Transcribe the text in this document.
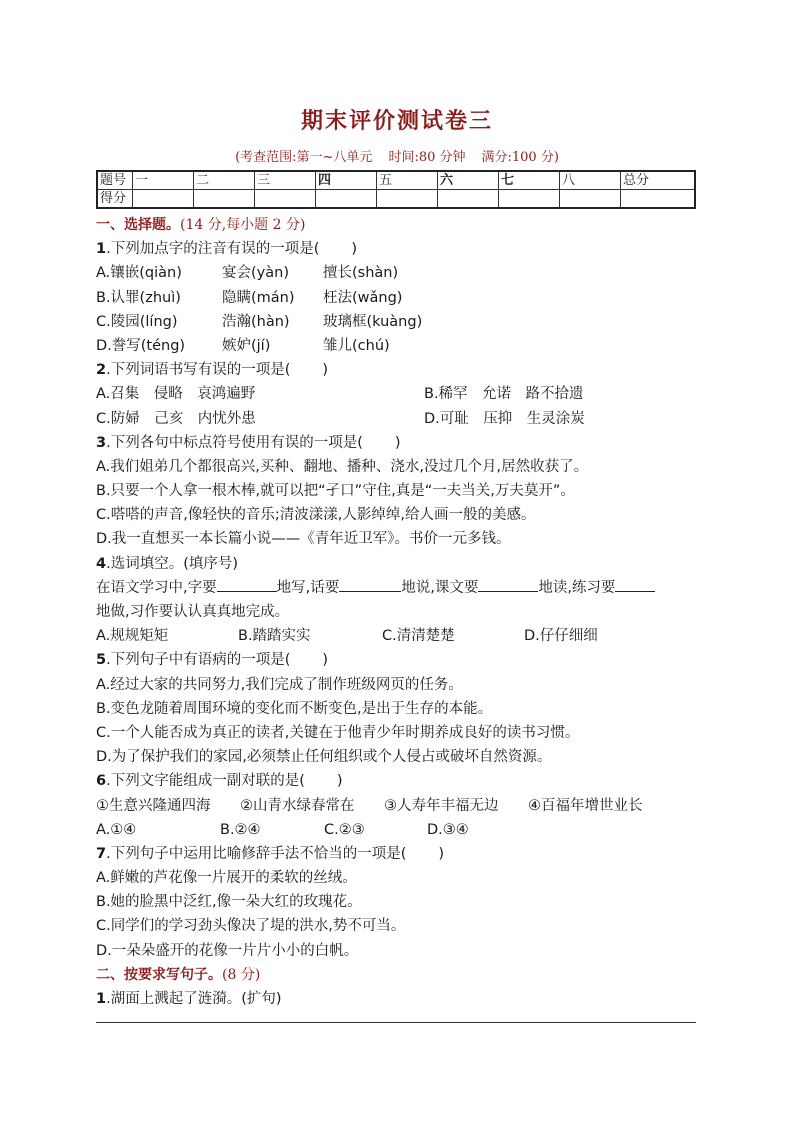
期末评价测试卷三
(考查范围:第一~八单元 时间:80 分钟 满分:100 分)
题号	一	二	三	四	五	六	七	八	总分
得分									
一、选择题。(14 分,每小题 2 分)
1.下列加点字的注音有误的一项是( )
A.镶嵌(qiàn)	宴会(yàn) 擅长(shàn)
B.认罪(zhuì)	隐瞒(mán) 枉法(wǎng)
C.陵园(líng)	浩瀚(hàn) 玻璃框(kuàng)
D.誊写(téng)	嫉妒(jí)	雏儿(chú)
2.下列词语书写有误的一项是( )
A.召集　侵略　哀鸿遍野	B.稀罕　允诺　路不拾遗
C.防婦　己亥　内忧外患	D.可耻　压抑　生灵涂炭
3.下列各句中标点符号使用有误的一项是( )
A.我们姐弟几个都很高兴,买种、翻地、播种、浇水,没过几个月,居然收获了。
B.只要一个人拿一根木棒,就可以把“孑口”守住,真是“一夫当关,万夫莫开”。
C.嗒嗒的声音,像轻快的音乐;清波漾漾,人影绰绰,给人画一般的美感。
D.我一直想买一本长篇小说——《青年近卫军》。书价一元多钱。
4.选词填空。(填序号)
在语文学习中,字要	地写,话要	地说,课文要	地读,练习要
地做,习作要认认真真地完成。
A.规规矩矩	B.踏踏实实	C.清清楚楚	D.仔仔细细
5.下列句子中有语病的一项是( )
A.经过大家的共同努力,我们完成了制作班级网页的任务。
B.变色龙随着周围环境的变化而不断变色,是出于生存的本能。
C.一个人能否成为真正的读者,关键在于他青少年时期养成良好的读书习惯。
D.为了保护我们的家园,必须禁止任何组织或个人侵占或破坏自然资源。
6.下列文字能组成一副对联的是( )
①生意兴隆通四海 ②山青水绿春常在 ③人寿年丰福无边 ④百福年增世业长
A.①④	B.②④	C.②③	D.③④
7.下列句子中运用比喻修辞手法不恰当的一项是( )
A.鲜嫩的芦花像一片展开的柔软的丝绒。
B.她的脸黑中泛红,像一朵大红的玫瑰花。
C.同学们的学习劲头像决了堤的洪水,势不可当。
D.一朵朵盛开的花像一片片小小的白帆。
二、按要求写句子。(8 分)
1.湖面上溅起了涟漪。(扩句)
